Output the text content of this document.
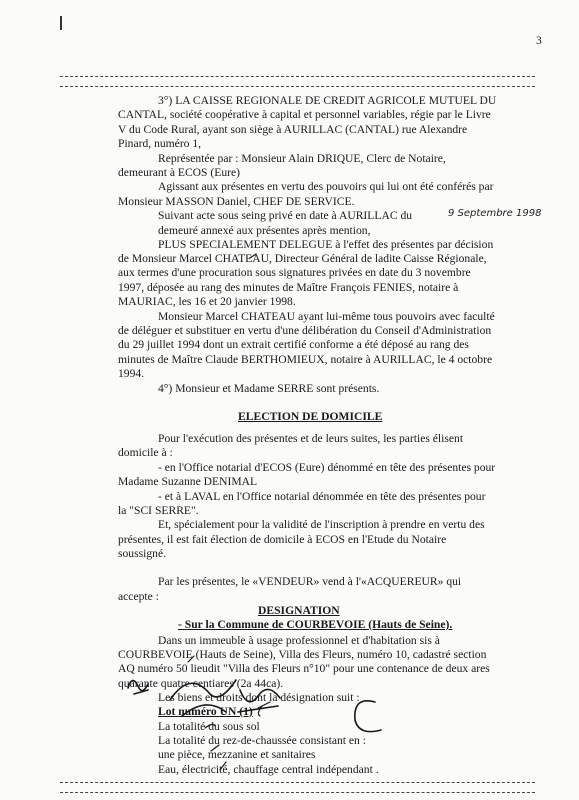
3
3°) LA CAISSE REGIONALE DE CREDIT AGRICOLE MUTUEL DU
CANTAL, société coopérative à capital et personnel variables, régie par le Livre
V du Code Rural, ayant son siège à AURILLAC (CANTAL) rue Alexandre
Pinard, numéro 1,
Représentée par : Monsieur Alain DRIQUE, Clerc de Notaire,
demeurant à ECOS (Eure)
Agissant aux présentes en vertu des pouvoirs qui lui ont été conférés par
Monsieur MASSON Daniel, CHEF DE SERVICE.
Suivant acte sous seing privé en date à AURILLAC du	9 Septembre 1998
demeuré annexé aux présentes après mention,
PLUS SPECIALEMENT DELEGUE à l'effet des présentes par décision
de Monsieur Marcel CHATEAU, Directeur Général de ladite Caisse Régionale,
aux termes d'une procuration sous signatures privées en date du 3 novembre
1997, déposée au rang des minutes de Maître François FENIES, notaire à
MAURIAC, les 16 et 20 janvier 1998.
Monsieur Marcel CHATEAU ayant lui-même tous pouvoirs avec faculté
de déléguer et substituer en vertu d'une délibération du Conseil d'Administration
du 29 juillet 1994 dont un extrait certifié conforme a été déposé au rang des
minutes de Maître Claude BERTHOMIEUX, notaire à AURILLAC, le 4 octobre
1994.
4°) Monsieur et Madame SERRE sont présents.
ELECTION DE DOMICILE
Pour l'exécution des présentes et de leurs suites, les parties élisent
domicile à :
- en l'Office notarial d'ECOS (Eure) dénommé en tête des présentes pour
Madame Suzanne DENIMAL
- et à LAVAL en l'Office notarial dénommée en tête des présentes pour
la "SCI SERRE".
Et, spécialement pour la validité de l'inscription à prendre en vertu des
présentes, il est fait élection de domicile à ECOS en l'Etude du Notaire
soussigné.
Par les présentes, le «VENDEUR» vend à l'«ACQUEREUR» qui
accepte :
DESIGNATION
- Sur la Commune de COURBEVOIE (Hauts de Seine).
Dans un immeuble à usage professionnel et d'habitation sis à
COURBEVOIE (Hauts de Seine), Villa des Fleurs, numéro 10, cadastré section
AQ numéro 50 lieudit "Villa des Fleurs n°10" pour une contenance de deux ares
quarante quatre centiares (2a 44ca).
Les biens et droits dont la désignation suit :
Lot numéro UN (1)
La totalité du sous sol
La totalité du rez-de-chaussée consistant en :
une pièce, mezzanine et sanitaires
Eau, électricité, chauffage central indépendant .
